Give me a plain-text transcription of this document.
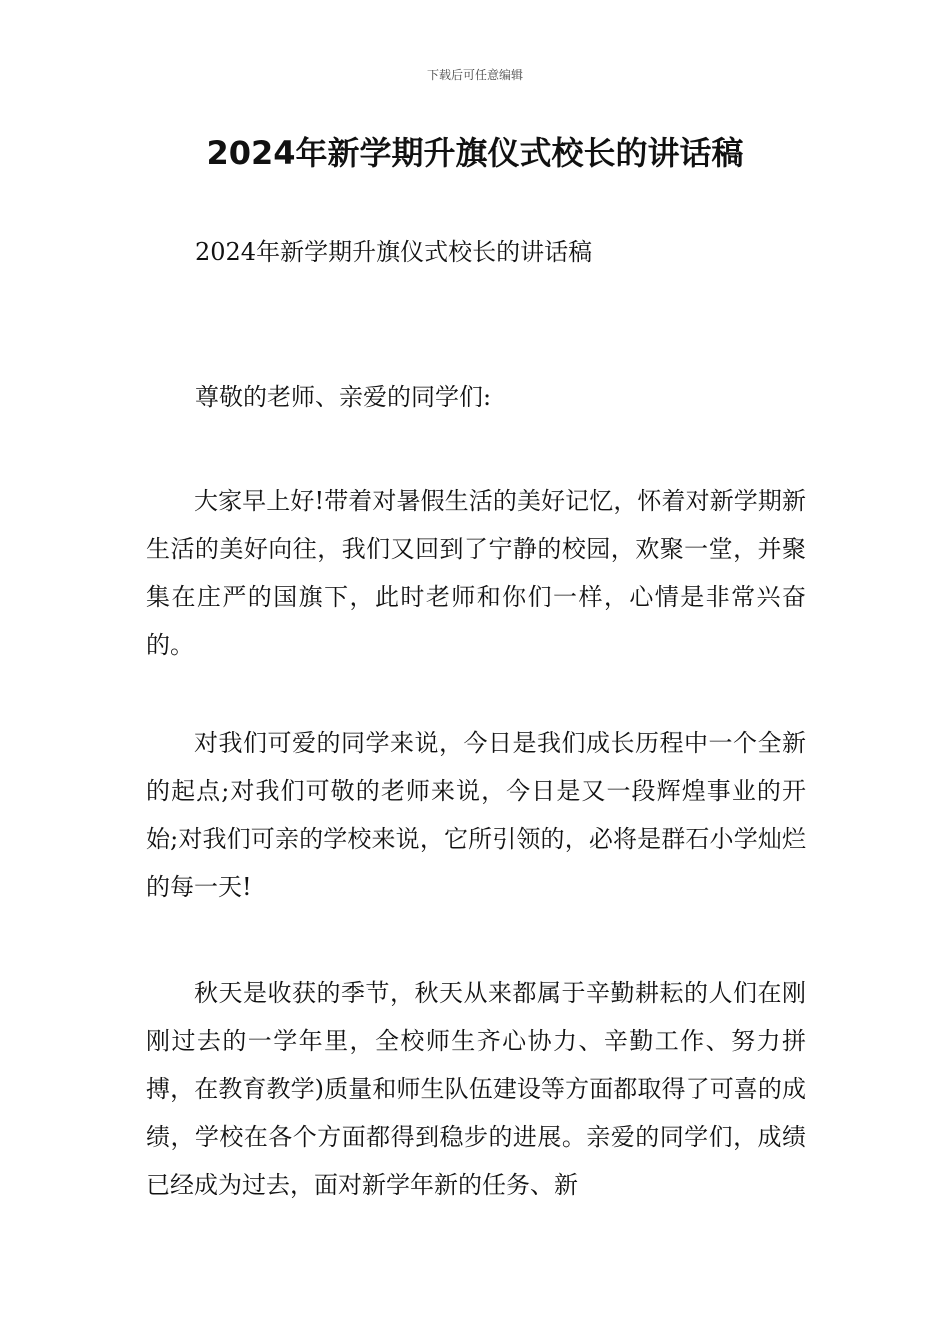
下载后可任意编辑
2024年新学期升旗仪式校长的讲话稿
2024年新学期升旗仪式校长的讲话稿

尊敬的老师、亲爱的同学们:

大家早上好!带着对暑假生活的美好记忆，怀着对新学期新生活的美好向往，我们又回到了宁静的校园，欢聚一堂，并聚集在庄严的国旗下，此时老师和你们一样，心情是非常兴奋的。

对我们可爱的同学来说，今日是我们成长历程中一个全新的起点;对我们可敬的老师来说，今日是又一段辉煌事业的开始;对我们可亲的学校来说，它所引领的，必将是群石小学灿烂的每一天!

秋天是收获的季节，秋天从来都属于辛勤耕耘的人们在刚刚过去的一学年里，全校师生齐心协力、辛勤工作、努力拼搏，在教育教学)质量和师生队伍建设等方面都取得了可喜的成绩，学校在各个方面都得到稳步的进展。亲爱的同学们，成绩已经成为过去，面对新学年新的任务、新
